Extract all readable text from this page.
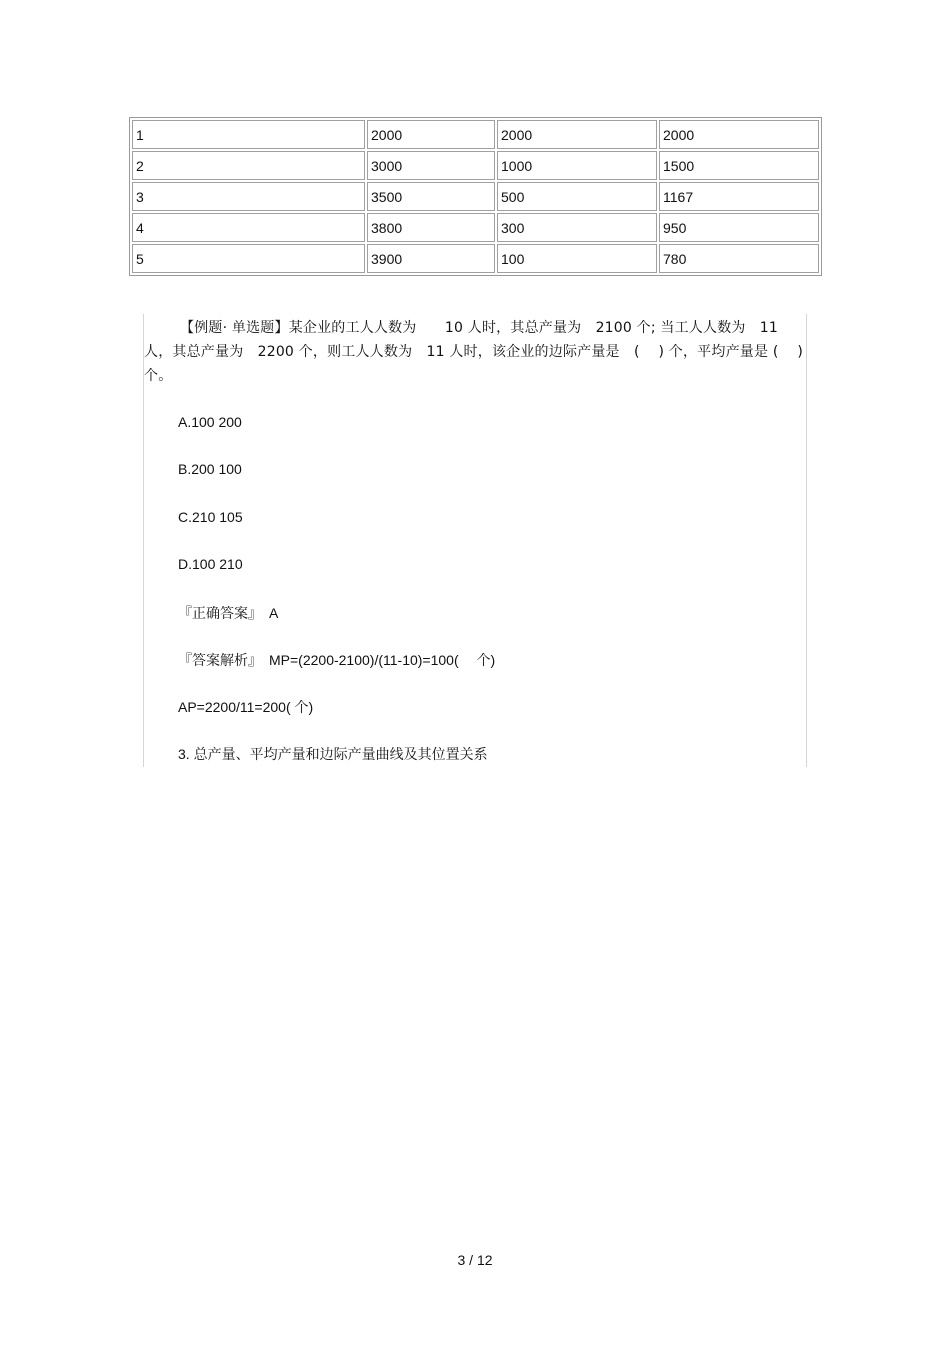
1	2000	2000	2000
2	3000	1000	1500
3	3500	500	1167
4	3800	300	950
5	3900	100	780
【例题· 单选题】某企业的工人人数为　　10 人时，其总产量为　2100 个; 当工人人数为　11 人，其总产量为　2200 个，则工人人数为　11 人时，该企业的边际产量是　(　 ) 个，平均产量是 (　 ) 个。
A.100 200
B.200 100
C.210 105
D.100 210
『正确答案』　A
『答案解析』　MP=(2200-2100)/(11-10)=100(　 个)
AP=2200/11=200( 个)
3. 总产量、平均产量和边际产量曲线及其位置关系
3 / 12
